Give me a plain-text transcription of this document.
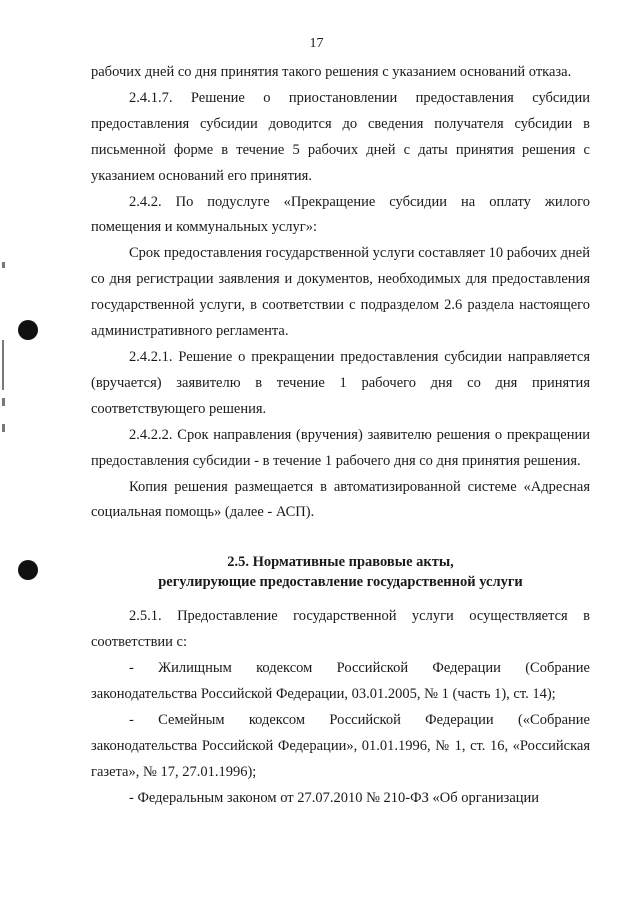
17

рабочих дней со дня принятия такого решения с указанием оснований отказа.

2.4.1.7. Решение о приостановлении предоставления субсидии предоставления субсидии доводится до сведения получателя субсидии в письменной форме в течение 5 рабочих дней с даты принятия решения с указанием оснований его принятия.

2.4.2. По подуслуге «Прекращение субсидии на оплату жилого помещения и коммунальных услуг»:

Срок предоставления государственной услуги составляет 10 рабочих дней со дня регистрации заявления и документов, необходимых для предоставления государственной услуги, в соответствии с подразделом 2.6 раздела настоящего административного регламента.

2.4.2.1. Решение о прекращении предоставления субсидии направляется (вручается) заявителю в течение 1 рабочего дня со дня принятия соответствующего решения.

2.4.2.2. Срок направления (вручения) заявителю решения о прекращении предоставления субсидии - в течение 1 рабочего дня со дня принятия решения.

Копия решения размещается в автоматизированной системе «Адресная социальная помощь» (далее - АСП).

2.5. Нормативные правовые акты,
регулирующие предоставление государственной услуги

2.5.1. Предоставление государственной услуги осуществляется в соответствии с:

- Жилищным кодексом Российской Федерации (Собрание законодательства Российской Федерации, 03.01.2005, № 1 (часть 1), ст. 14);

- Семейным кодексом Российской Федерации («Собрание законодательства Российской Федерации», 01.01.1996, № 1, ст. 16, «Российская газета», № 17, 27.01.1996);

- Федеральным законом от 27.07.2010 № 210-ФЗ «Об организации
